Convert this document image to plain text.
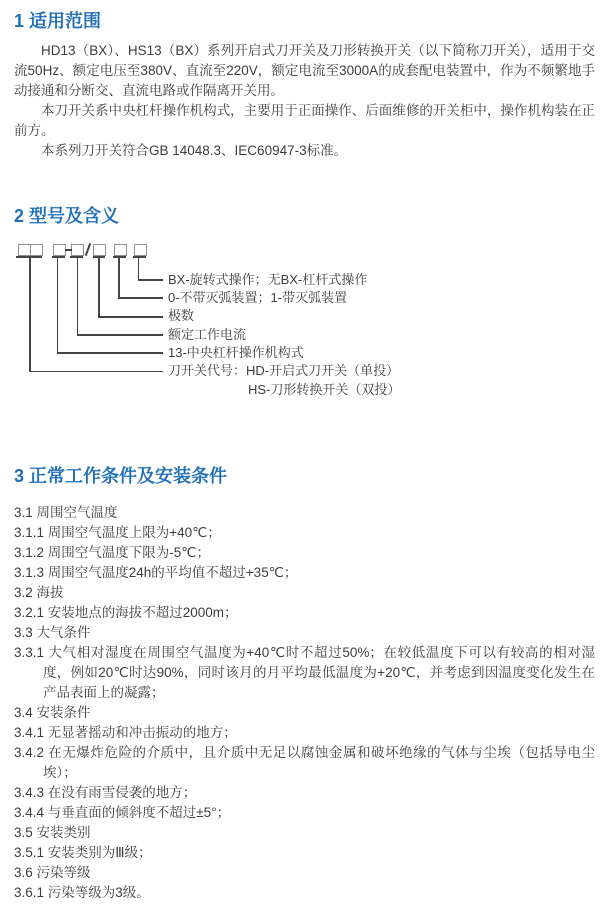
1 适用范围

HD13（BX）、HS13（BX）系列开启式刀开关及刀形转换开关（以下简称刀开关），适用于交流50Hz、额定电压至380V、直流至220V，额定电流至3000A的成套配电装置中，作为不频繁地手动接通和分断交、直流电路或作隔离开关用。

本刀开关系中央杠杆操作机构式，主要用于正面操作、后面维修的开关柜中，操作机构装在正前方。

本系列刀开关符合GB 14048.3、IEC60947-3标准。

2 型号及含义
BX-旋转式操作；无BX-杠杆式操作
0-不带灭弧装置；1-带灭弧装置
极数
额定工作电流
13-中央杠杆操作机构式
刀开关代号：HD-开启式刀开关（单投）
HS-刀形转换开关（双投）
3 正常工作条件及安装条件
3.1 周围空气温度
3.1.1 周围空气温度上限为+40℃；
3.1.2 周围空气温度下限为-5℃；
3.1.3 周围空气温度24h的平均值不超过+35℃；
3.2 海拔
3.2.1 安装地点的海拔不超过2000m；
3.3 大气条件
3.3.1 大气相对湿度在周围空气温度为+40℃时不超过50%；在较低温度下可以有较高的相对湿度，例如20℃时达90%，同时该月的月平均最低温度为+20℃，并考虑到因温度变化发生在产品表面上的凝露；
3.4 安装条件
3.4.1 无显著摇动和冲击振动的地方；
3.4.2 在无爆炸危险的介质中，且介质中无足以腐蚀金属和破坏绝缘的气体与尘埃（包括导电尘埃）；
3.4.3 在没有雨雪侵袭的地方；
3.4.4 与垂直面的倾斜度不超过±5°；
3.5 安装类别
3.5.1 安装类别为Ⅲ级；
3.6 污染等级
3.6.1 污染等级为3级。
